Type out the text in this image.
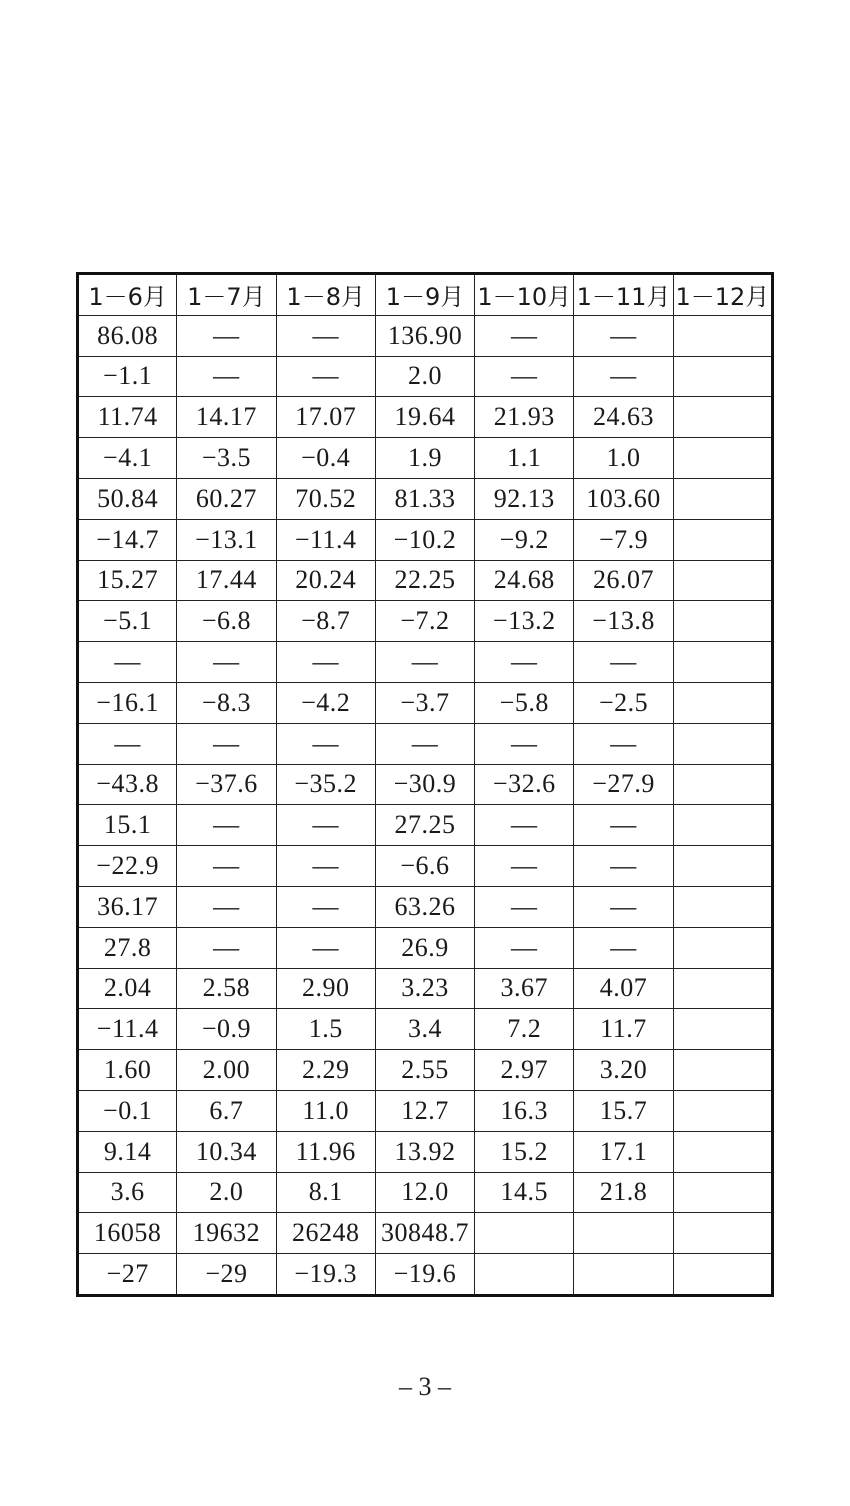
1－6月	1－7月	1－8月	1－9月	1－10月	1－11月	1－12月
86.08	—	—	136.90	—	—	
−1.1	—	—	2.0	—	—	
11.74	14.17	17.07	19.64	21.93	24.63	
−4.1	−3.5	−0.4	1.9	1.1	1.0	
50.84	60.27	70.52	81.33	92.13	103.60	
−14.7	−13.1	−11.4	−10.2	−9.2	−7.9	
15.27	17.44	20.24	22.25	24.68	26.07	
−5.1	−6.8	−8.7	−7.2	−13.2	−13.8	
—	—	—	—	—	—	
−16.1	−8.3	−4.2	−3.7	−5.8	−2.5	
—	—	—	—	—	—	
−43.8	−37.6	−35.2	−30.9	−32.6	−27.9	
15.1	—	—	27.25	—	—	
−22.9	—	—	−6.6	—	—	
36.17	—	—	63.26	—	—	
27.8	—	—	26.9	—	—	
2.04	2.58	2.90	3.23	3.67	4.07	
−11.4	−0.9	1.5	3.4	7.2	11.7	
1.60	2.00	2.29	2.55	2.97	3.20	
−0.1	6.7	11.0	12.7	16.3	15.7	
9.14	10.34	11.96	13.92	15.2	17.1	
3.6	2.0	8.1	12.0	14.5	21.8	
16058	19632	26248	30848.7			
−27	−29	−19.3	−19.6			
– 3 –
